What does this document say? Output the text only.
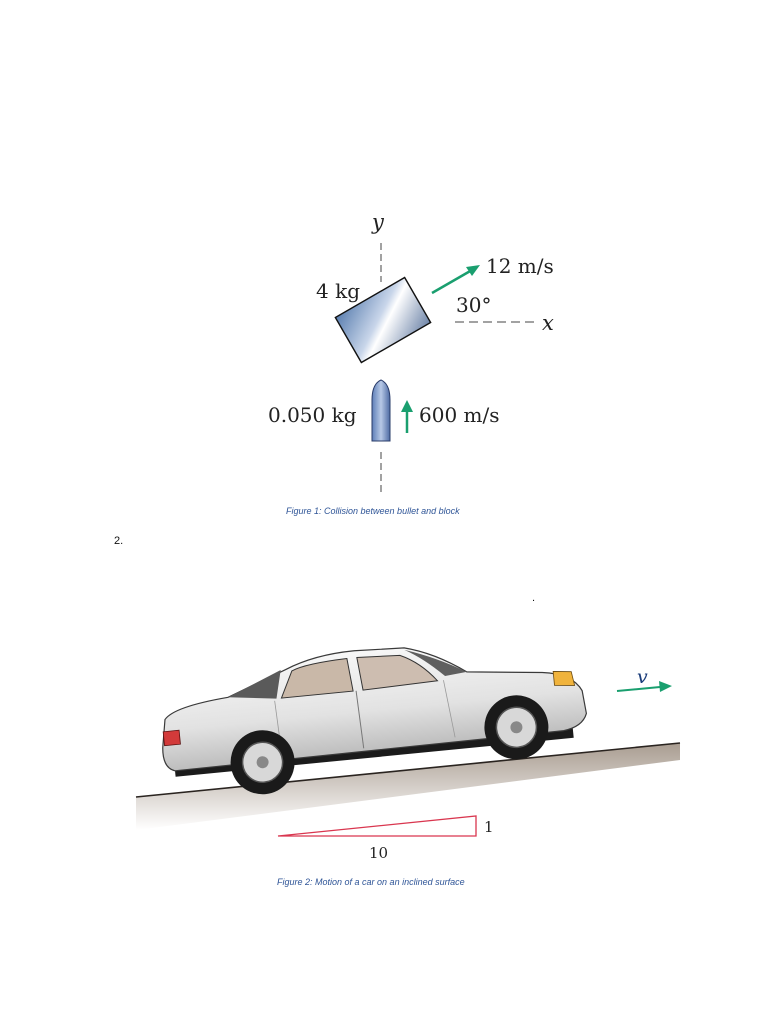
y
4 kg
12 m/s
30°
x
0.050 kg	600 m/s
Figure 1: Collision between bullet and block
2.
.
v
1
10
Figure 2: Motion of a car on an inclined surface
